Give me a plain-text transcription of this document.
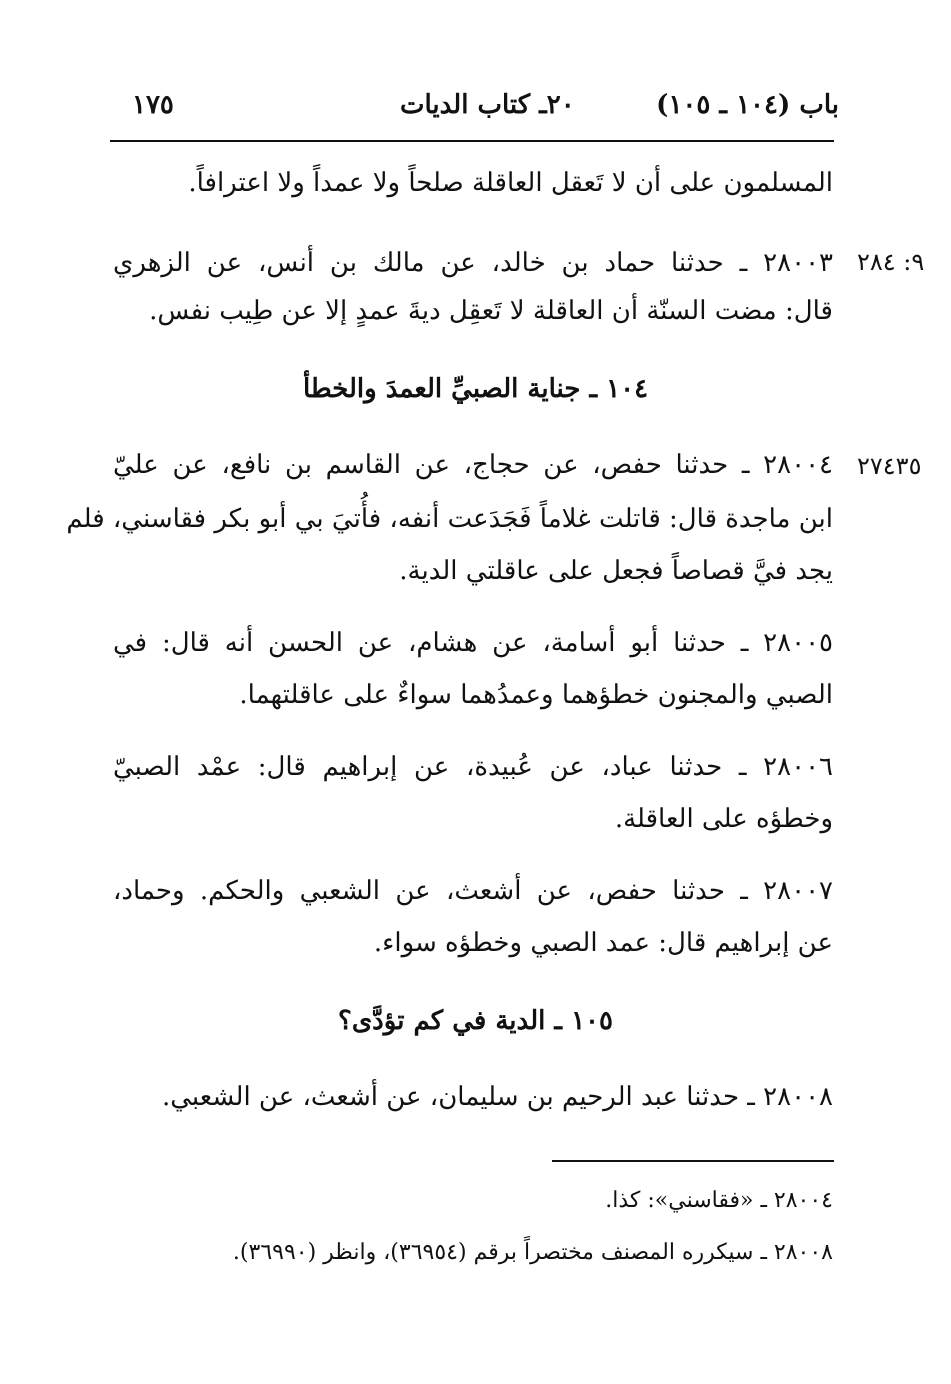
باب (١٠٤ ـ ١٠٥)
٢٠ـ كتاب الديات
١٧٥
المسلمون على أن لا تَعقل العاقلة صلحاً ولا عمداً ولا اعترافاً.
٩: ٢٨٤
٢٨٠٠٣ ـ حدثنا حماد بن خالد، عن مالك بن أنس، عن الزهري
قال: مضت السنّة أن العاقلة لا تَعقِل ديةَ عمدٍ إلا عن طِيب نفس.
١٠٤ ـ جناية الصبيِّ العمدَ والخطأ
٢٧٤٣٥
٢٨٠٠٤ ـ حدثنا حفص، عن حجاج، عن القاسم بن نافع، عن عليّ
ابن ماجدة قال: قاتلت غلاماً فَجَدَعت أنفه، فأُتيَ بي أبو بكر فقاسني، فلم
يجد فيَّ قصاصاً فجعل على عاقلتي الدية.
٢٨٠٠٥ ـ حدثنا أبو أسامة، عن هشام، عن الحسن أنه قال: في
الصبي والمجنون خطؤهما وعمدُهما سواءٌ على عاقلتهما.
٢٨٠٠٦ ـ حدثنا عباد، عن عُبيدة، عن إبراهيم قال: عمْد الصبيّ
وخطؤه على العاقلة.
٢٨٠٠٧ ـ حدثنا حفص، عن أشعث، عن الشعبي والحكم. وحماد،
عن إبراهيم قال: عمد الصبي وخطؤه سواء.
١٠٥ ـ الدية في كم تؤدَّى؟
٢٨٠٠٨ ـ حدثنا عبد الرحيم بن سليمان، عن أشعث، عن الشعبي.
٢٨٠٠٤ ـ «فقاسني»: كذا.
٢٨٠٠٨ ـ سيكرره المصنف مختصراً برقم (٣٦٩٥٤)، وانظر (٣٦٩٩٠).
